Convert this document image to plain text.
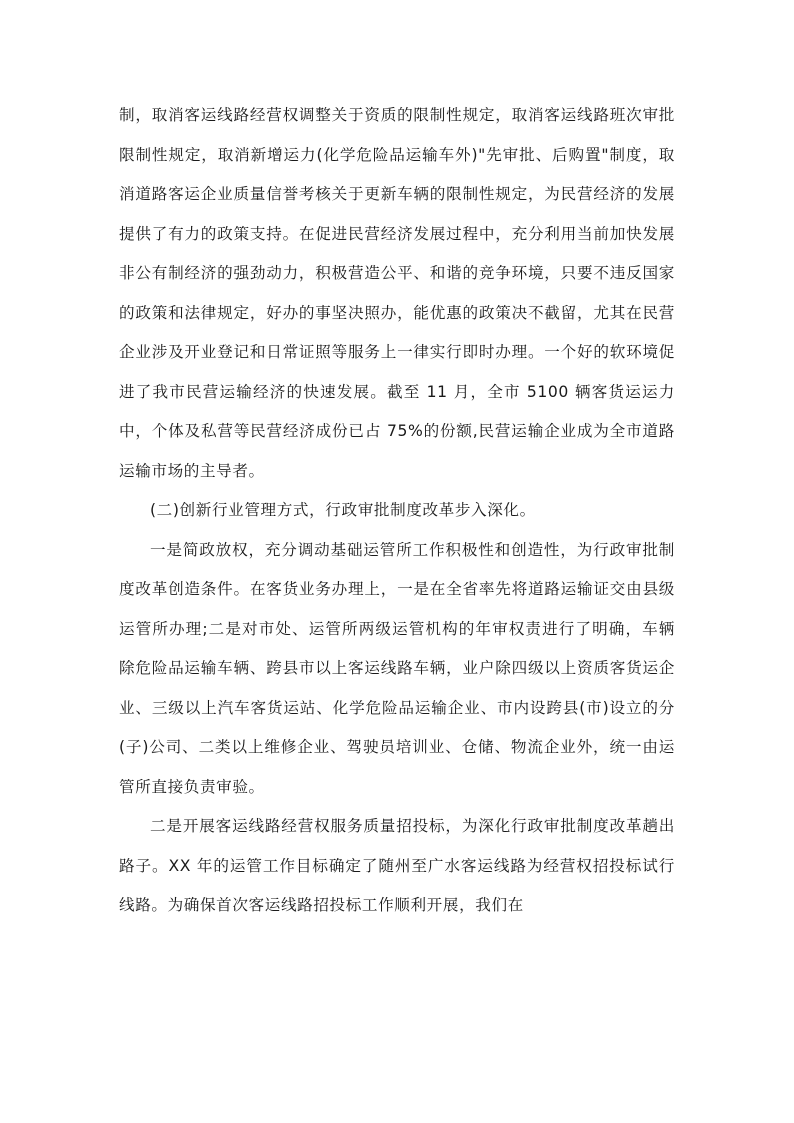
制，取消客运线路经营权调整关于资质的限制性规定，取消客运线路班次审批限制性规定，取消新增运力(化学危险品运输车外)"先审批、后购置"制度，取消道路客运企业质量信誉考核关于更新车辆的限制性规定，为民营经济的发展提供了有力的政策支持。在促进民营经济发展过程中，充分利用当前加快发展非公有制经济的强劲动力，积极营造公平、和谐的竞争环境，只要不违反国家的政策和法律规定，好办的事坚决照办，能优惠的政策决不截留，尤其在民营企业涉及开业登记和日常证照等服务上一律实行即时办理。一个好的软环境促进了我市民营运输经济的快速发展。截至 11 月，全市 5100 辆客货运运力中，个体及私营等民营经济成份已占 75%的份额,民营运输企业成为全市道路运输市场的主导者。

(二)创新行业管理方式，行政审批制度改革步入深化。

一是简政放权，充分调动基础运管所工作积极性和创造性，为行政审批制度改革创造条件。在客货业务办理上，一是在全省率先将道路运输证交由县级运管所办理;二是对市处、运管所两级运管机构的年审权责进行了明确，车辆除危险品运输车辆、跨县市以上客运线路车辆，业户除四级以上资质客货运企业、三级以上汽车客货运站、化学危险品运输企业、市内设跨县(市)设立的分(子)公司、二类以上维修企业、驾驶员培训业、仓储、物流企业外，统一由运管所直接负责审验。

二是开展客运线路经营权服务质量招投标，为深化行政审批制度改革趟出路子。XX 年的运管工作目标确定了随州至广水客运线路为经营权招投标试行线路。为确保首次客运线路招投标工作顺利开展，我们在
